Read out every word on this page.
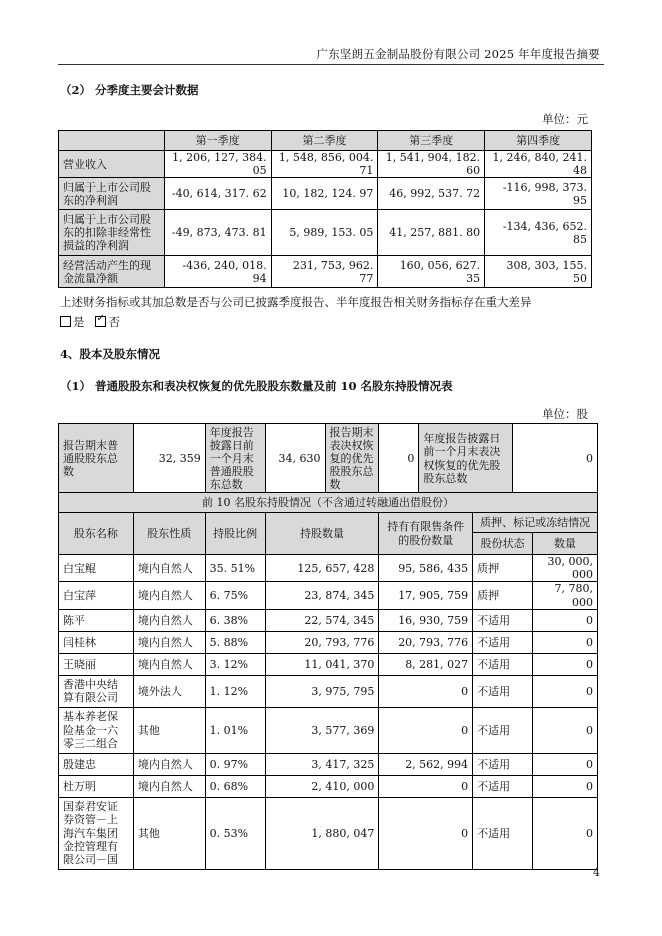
广东坚朗五金制品股份有限公司 2025 年年度报告摘要
（2） 分季度主要会计数据
单位：元
	第一季度	第二季度	第三季度	第四季度
营业收入	1, 206, 127, 384. 05	1, 548, 856, 004. 71	1, 541, 904, 182. 60	1, 246, 840, 241. 48
归属于上市公司股东的净利润	-40, 614, 317. 62	10, 182, 124. 97	46, 992, 537. 72	-116, 998, 373. 95
归属于上市公司股东的扣除非经常性损益的净利润	-49, 873, 473. 81	5, 989, 153. 05	41, 257, 881. 80	-134, 436, 652. 85
经营活动产生的现金流量净额	-436, 240, 018. 94	231, 753, 962. 77	160, 056, 627. 35	308, 303, 155. 50
上述财务指标或其加总数是否与公司已披露季度报告、半年度报告相关财务指标存在重大差异
是 ✓ 否
4、股本及股东情况
（1） 普通股股东和表决权恢复的优先股股东数量及前 10 名股东持股情况表
单位：股
报告期末普通股股东总数	32, 359	年度报告披露日前一个月末普通股股东总数	34, 630	报告期末表决权恢复的优先股股东总数	0	年度报告披露日前一个月末表决权恢复的优先股股东总数	0
前 10 名股东持股情况（不含通过转融通出借股份）						
股东名称	股东性质	持股比例	持股数量	持有有限售条件的股份数量	质押、标记或冻结情况	
					股份状态	数量
白宝鲲	境内自然人	35. 51%	125, 657, 428	95, 586, 435	质押	30, 000, 000
白宝萍	境内自然人	6. 75%	23, 874, 345	17, 905, 759	质押	7, 780, 000
陈平	境内自然人	6. 38%	22, 574, 345	16, 930, 759	不适用	0
闫桂林	境内自然人	5. 88%	20, 793, 776	20, 793, 776	不适用	0
王晓丽	境内自然人	3. 12%	11, 041, 370	8, 281, 027	不适用	0
香港中央结算有限公司	境外法人	1. 12%	3, 975, 795	0	不适用	0
基本养老保险基金一六零三二组合	其他	1. 01%	3, 577, 369	0	不适用	0
殷建忠	境内自然人	0. 97%	3, 417, 325	2, 562, 994	不适用	0
杜万明	境内自然人	0. 68%	2, 410, 000	0	不适用	0
国泰君安证券资管－上海汽车集团金控管理有限公司－国	其他	0. 53%	1, 880, 047	0	不适用	0
4
